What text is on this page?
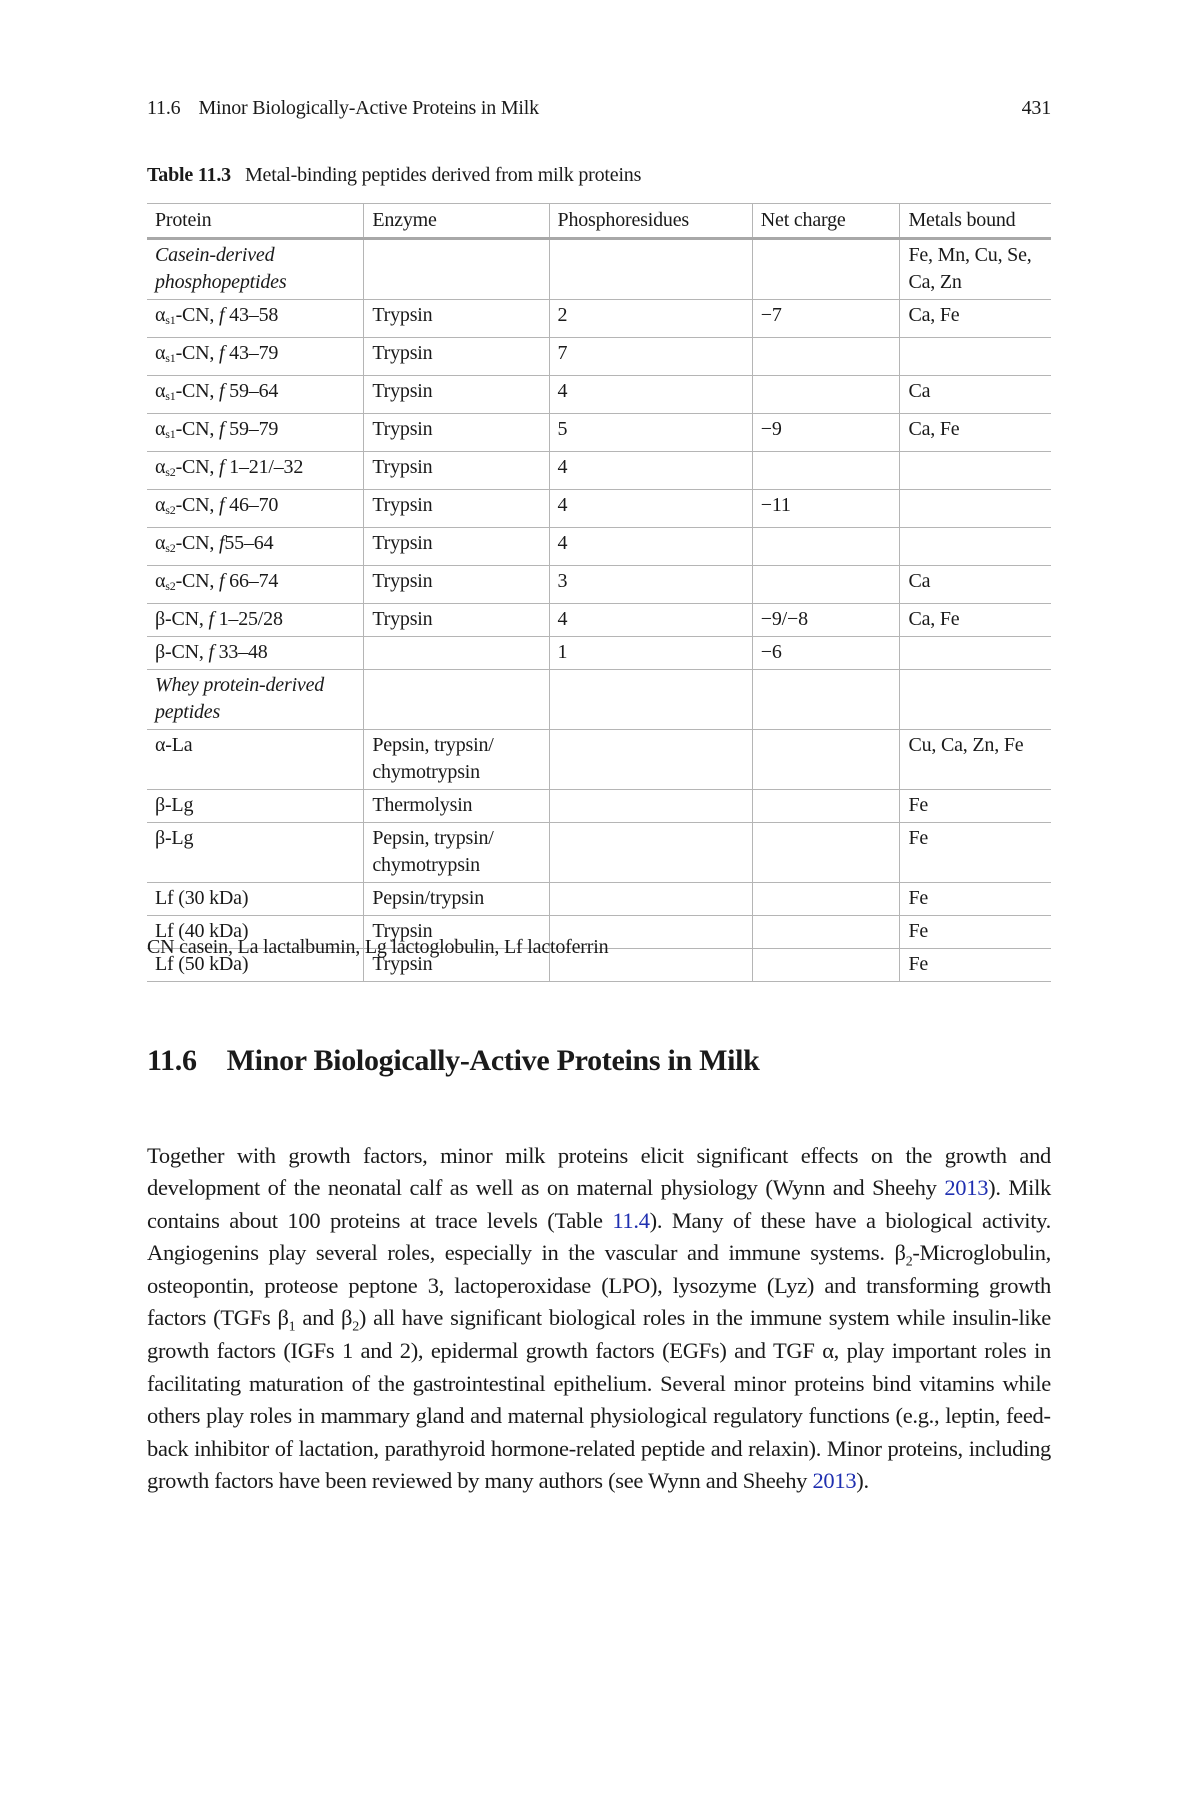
11.6 Minor Biologically-Active Proteins in Milk	431
Table 11.3 Metal-binding peptides derived from milk proteins
Protein	Enzyme	Phosphoresidues	Net charge	Metals bound
Casein-derived phosphopeptides				Fe, Mn, Cu, Se, Ca, Zn
$\alpha_{s1}-CN$, f 43–58	Trypsin	2	−7	Ca, Fe
$\alpha_{s1}-CN$, f 43–79	Trypsin	7		
$\alpha_{s1}-CN$, f 59–64	Trypsin	4		Ca
$\alpha_{s1}-CN$, f 59–79	Trypsin	5	−9	Ca, Fe
$\alpha_{s2}-CN$, f 1–21/–32	Trypsin	4		
$\alpha_{s2}-CN$, f 46–70	Trypsin	4	−11	
$\alpha_{s2}-CN$, f55–64	Trypsin	4		
$\alpha_{s2}-CN$, f 66–74	Trypsin	3		Ca
β-CN, f 1–25/28	Trypsin	4	−9/−8	Ca, Fe
β-CN, f 33–48		1	−6	
Whey protein-derived peptides				
α-La	Pepsin, trypsin/ chymotrypsin			Cu, Ca, Zn, Fe
β-Lg	Thermolysin			Fe
β-Lg	Pepsin, trypsin/ chymotrypsin			Fe
Lf (30 kDa)	Pepsin/trypsin			Fe
Lf (40 kDa)	Trypsin			Fe
Lf (50 kDa)	Trypsin			Fe
CN casein, La lactalbumin, Lg lactoglobulin, Lf lactoferrin
11.6 Minor Biologically-Active Proteins in Milk

Together with growth factors, minor milk proteins elicit significant effects on the growth and development of the neonatal calf as well as on maternal physiology (Wynn and Sheehy 2013). Milk contains about 100 proteins at trace levels (Table 11.4). Many of these have a biological activity. Angiogenins play several roles, especially in the vascular and immune systems. $\beta_2$-Microglobulin, osteopontin, proteose peptone 3, lactoperoxidase (LPO), lysozyme (Lyz) and transforming growth factors (TGFs $\beta_1$ and $\beta_2$) all have significant biological roles in the immune system while insulin-like growth factors (IGFs 1 and 2), epidermal growth factors (EGFs) and TGF α, play important roles in facilitating maturation of the gastrointestinal epithelium. Several minor proteins bind vitamins while others play roles in mammary gland and maternal physiological regulatory functions (e.g., leptin, feedback inhibitor of lactation, parathyroid hormone-related peptide and relaxin). Minor proteins, including growth factors have been reviewed by many authors (see Wynn and Sheehy 2013).
